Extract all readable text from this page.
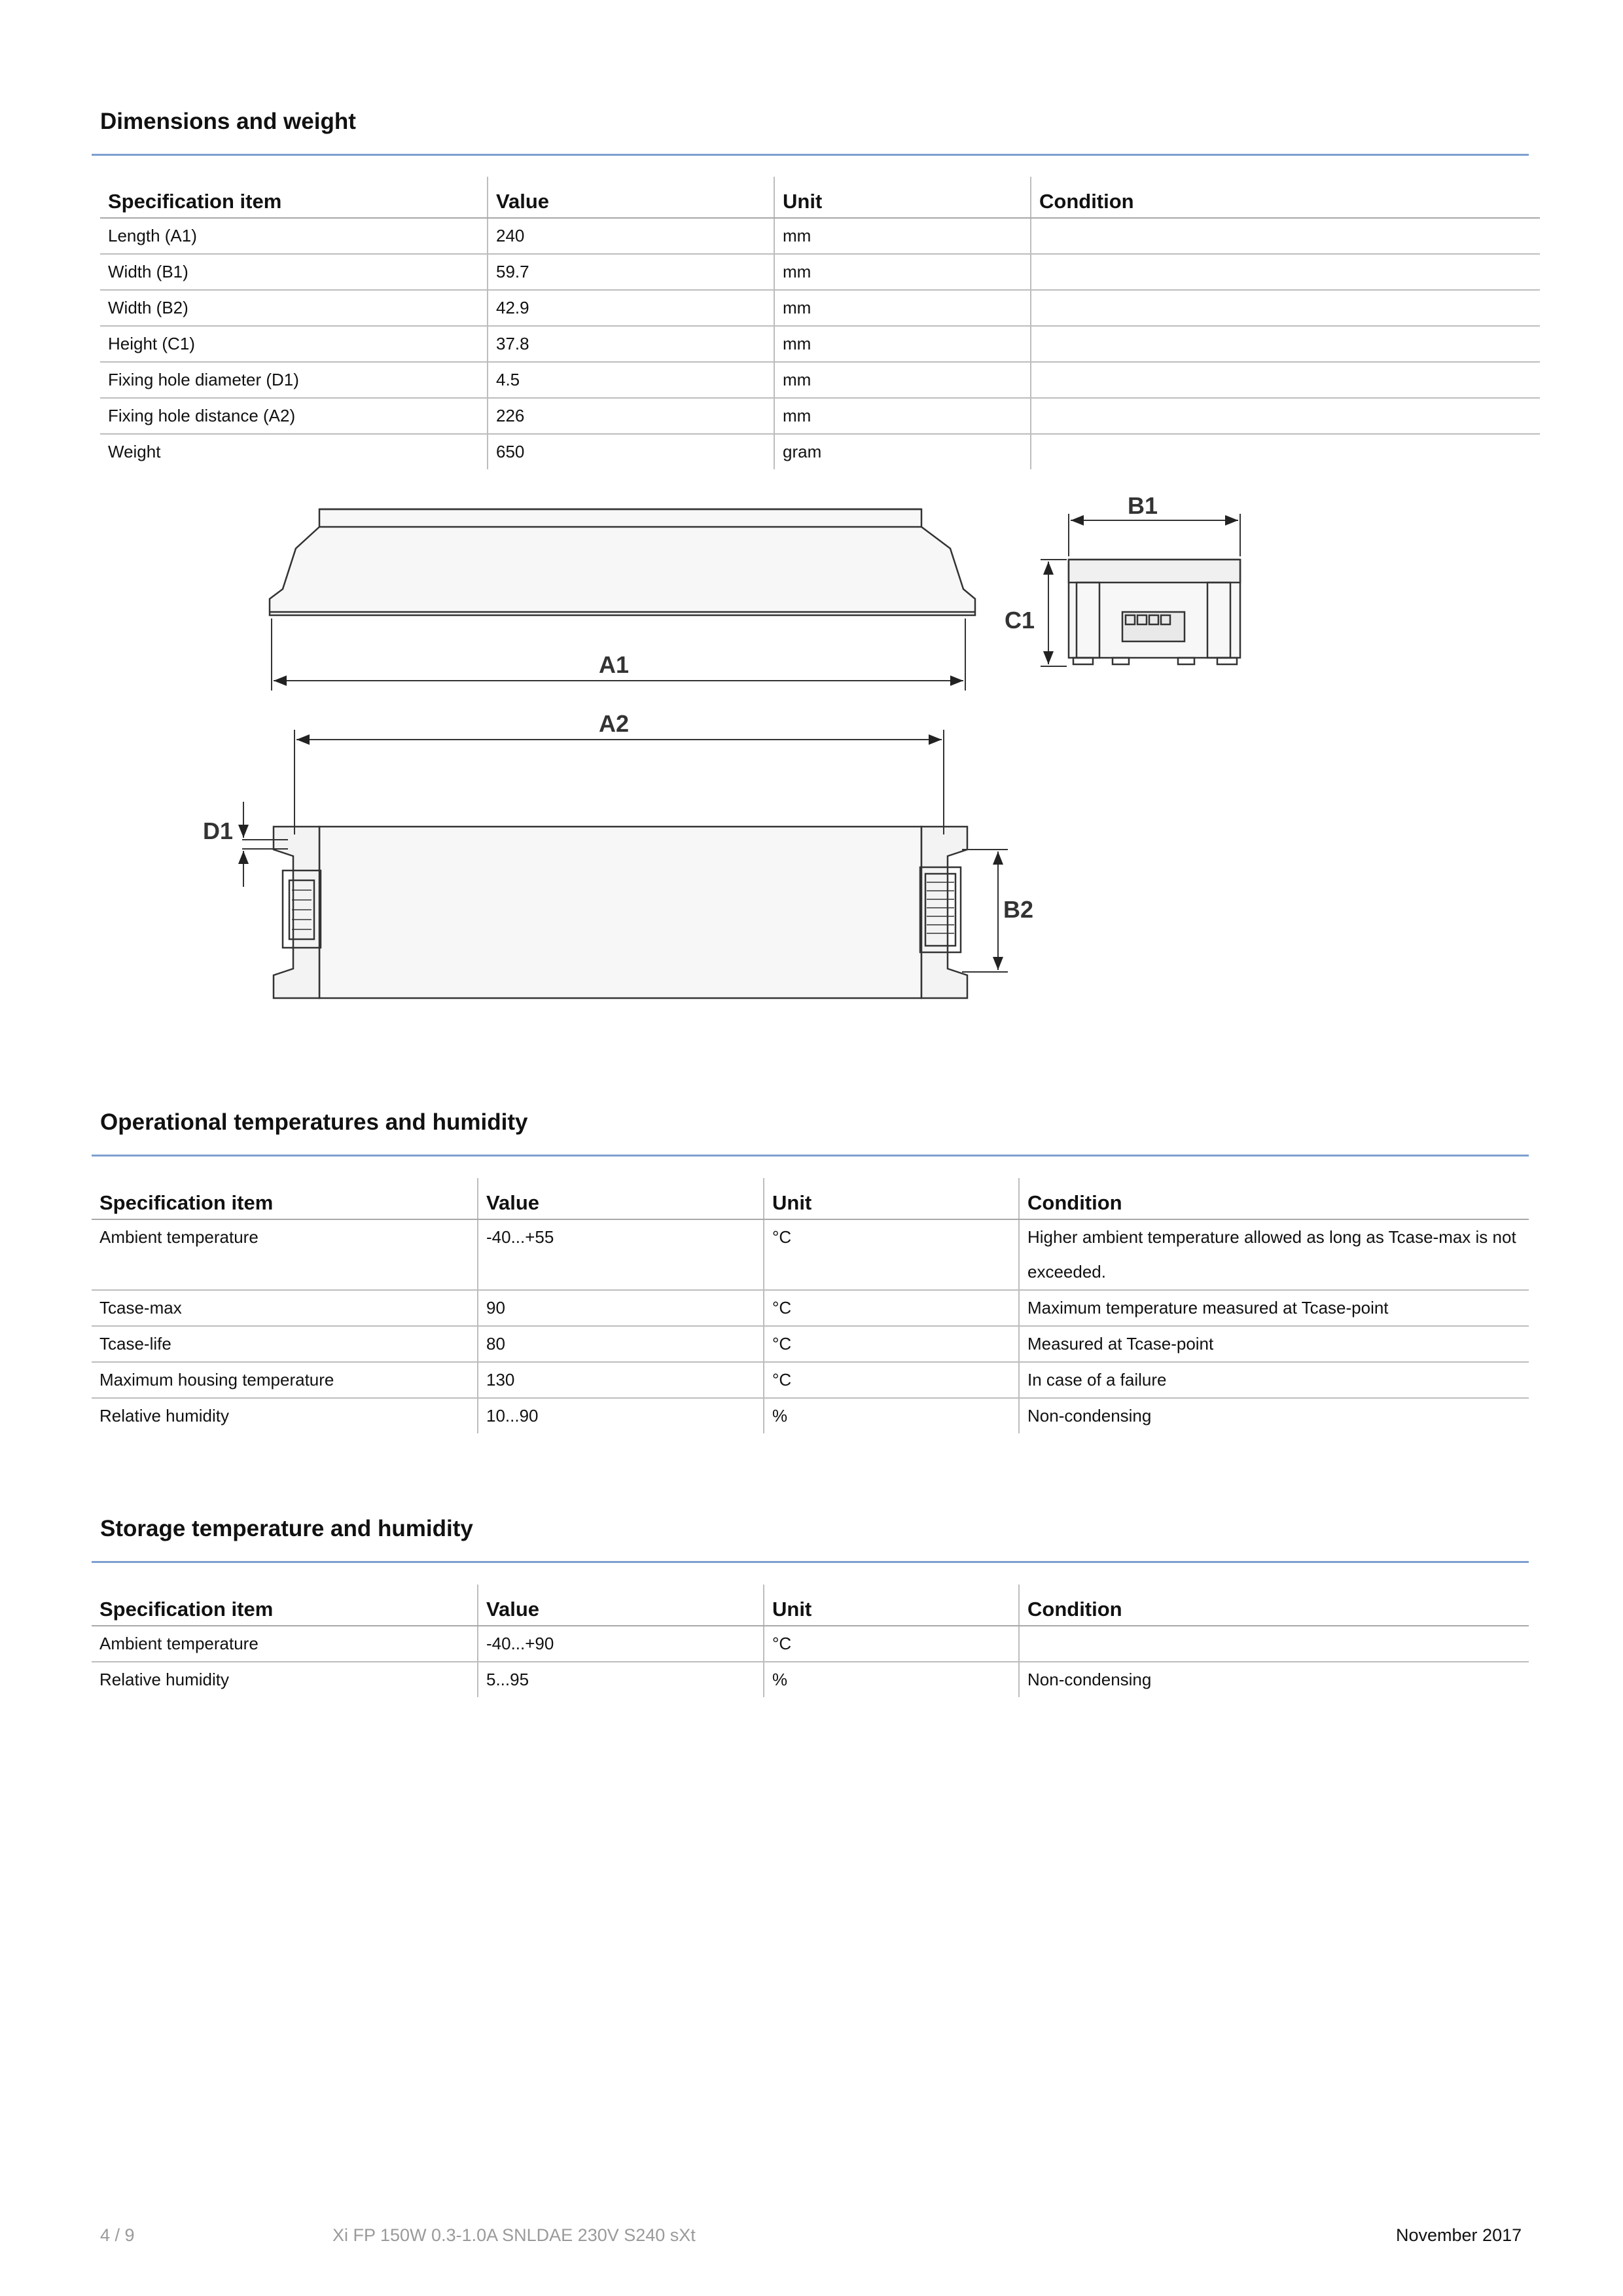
Dimensions and weight
Specification item	Value	Unit	Condition
Length (A1)	240	mm	
Width (B1)	59.7	mm	
Width (B2)	42.9	mm	
Height (C1)	37.8	mm	
Fixing hole diameter (D1)	4.5	mm	
Fixing hole distance (A2)	226	mm	
Weight	650	gram	
A1
A2
B1
C1
D1
B2
Operational temperatures and humidity
Specification item	Value	Unit	Condition
Ambient temperature	-40...+55	°C	Higher ambient temperature allowed as long as Tcase-max is not exceeded.
Tcase-max	90	°C	Maximum temperature measured at Tcase-point
Tcase-life	80	°C	Measured at Tcase-point
Maximum housing temperature	130	°C	In case of a failure
Relative humidity	10...90	%	Non-condensing
Storage temperature and humidity
Specification item	Value	Unit	Condition
Ambient temperature	-40...+90	°C	
Relative humidity	5...95	%	Non-condensing
4 / 9	Xi FP 150W 0.3-1.0A SNLDAE 230V S240 sXt	November 2017
